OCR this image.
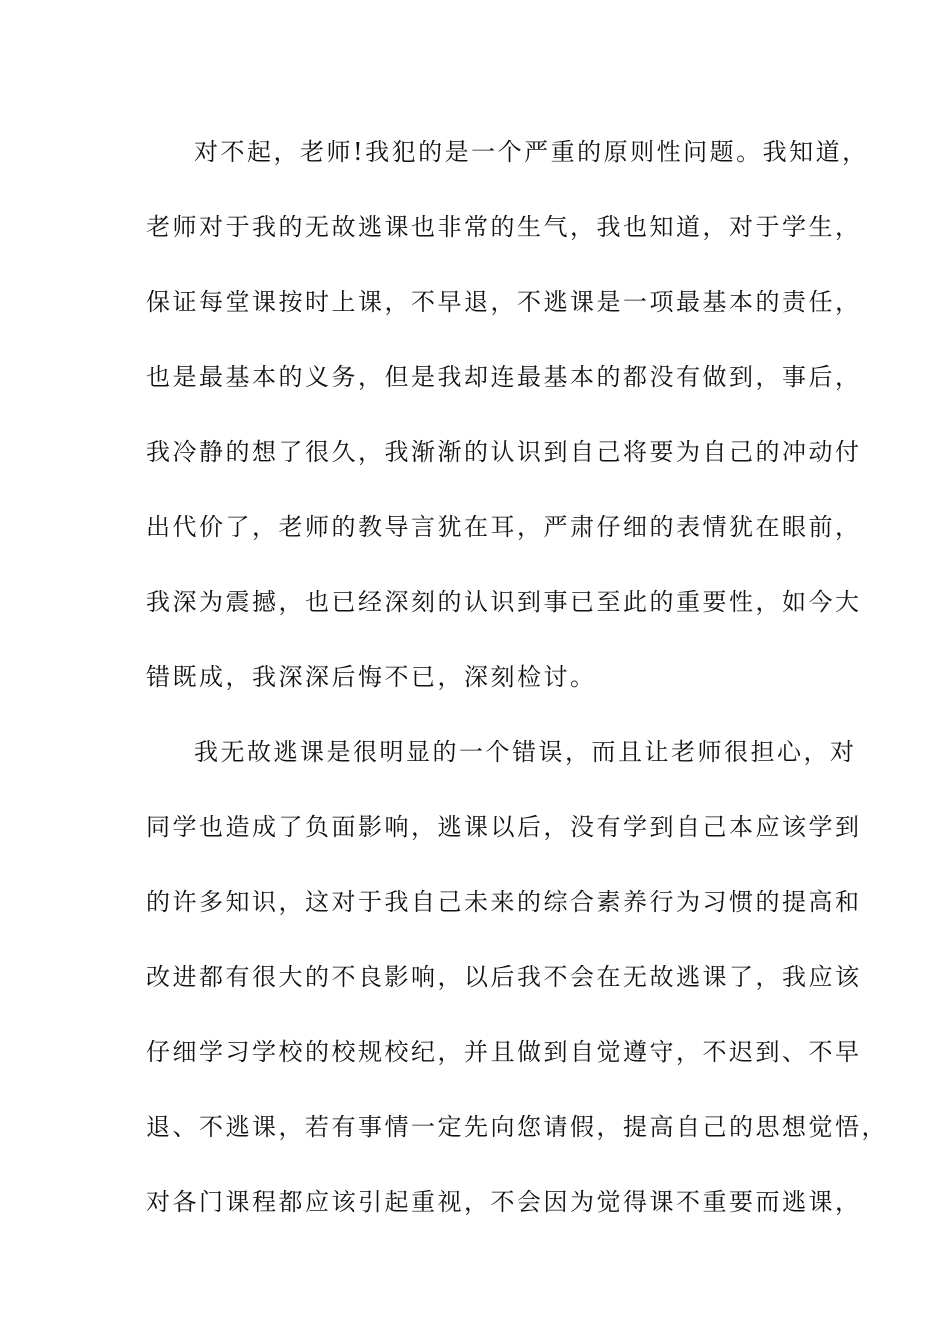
对不起，老师!我犯的是一个严重的原则性问题。我知道，
老师对于我的无故逃课也非常的生气，我也知道，对于学生，
保证每堂课按时上课，不早退，不逃课是一项最基本的责任，
也是最基本的义务，但是我却连最基本的都没有做到，事后，
我冷静的想了很久，我渐渐的认识到自己将要为自己的冲动付
出代价了，老师的教导言犹在耳，严肃仔细的表情犹在眼前，
我深为震撼，也已经深刻的认识到事已至此的重要性，如今大
错既成，我深深后悔不已，深刻检讨。
我无故逃课是很明显的一个错误，而且让老师很担心，对
同学也造成了负面影响，逃课以后，没有学到自己本应该学到
的许多知识，这对于我自己未来的综合素养行为习惯的提高和
改进都有很大的不良影响，以后我不会在无故逃课了，我应该
仔细学习学校的校规校纪，并且做到自觉遵守，不迟到、不早
退、不逃课，若有事情一定先向您请假，提高自己的思想觉悟，
对各门课程都应该引起重视，不会因为觉得课不重要而逃课，
